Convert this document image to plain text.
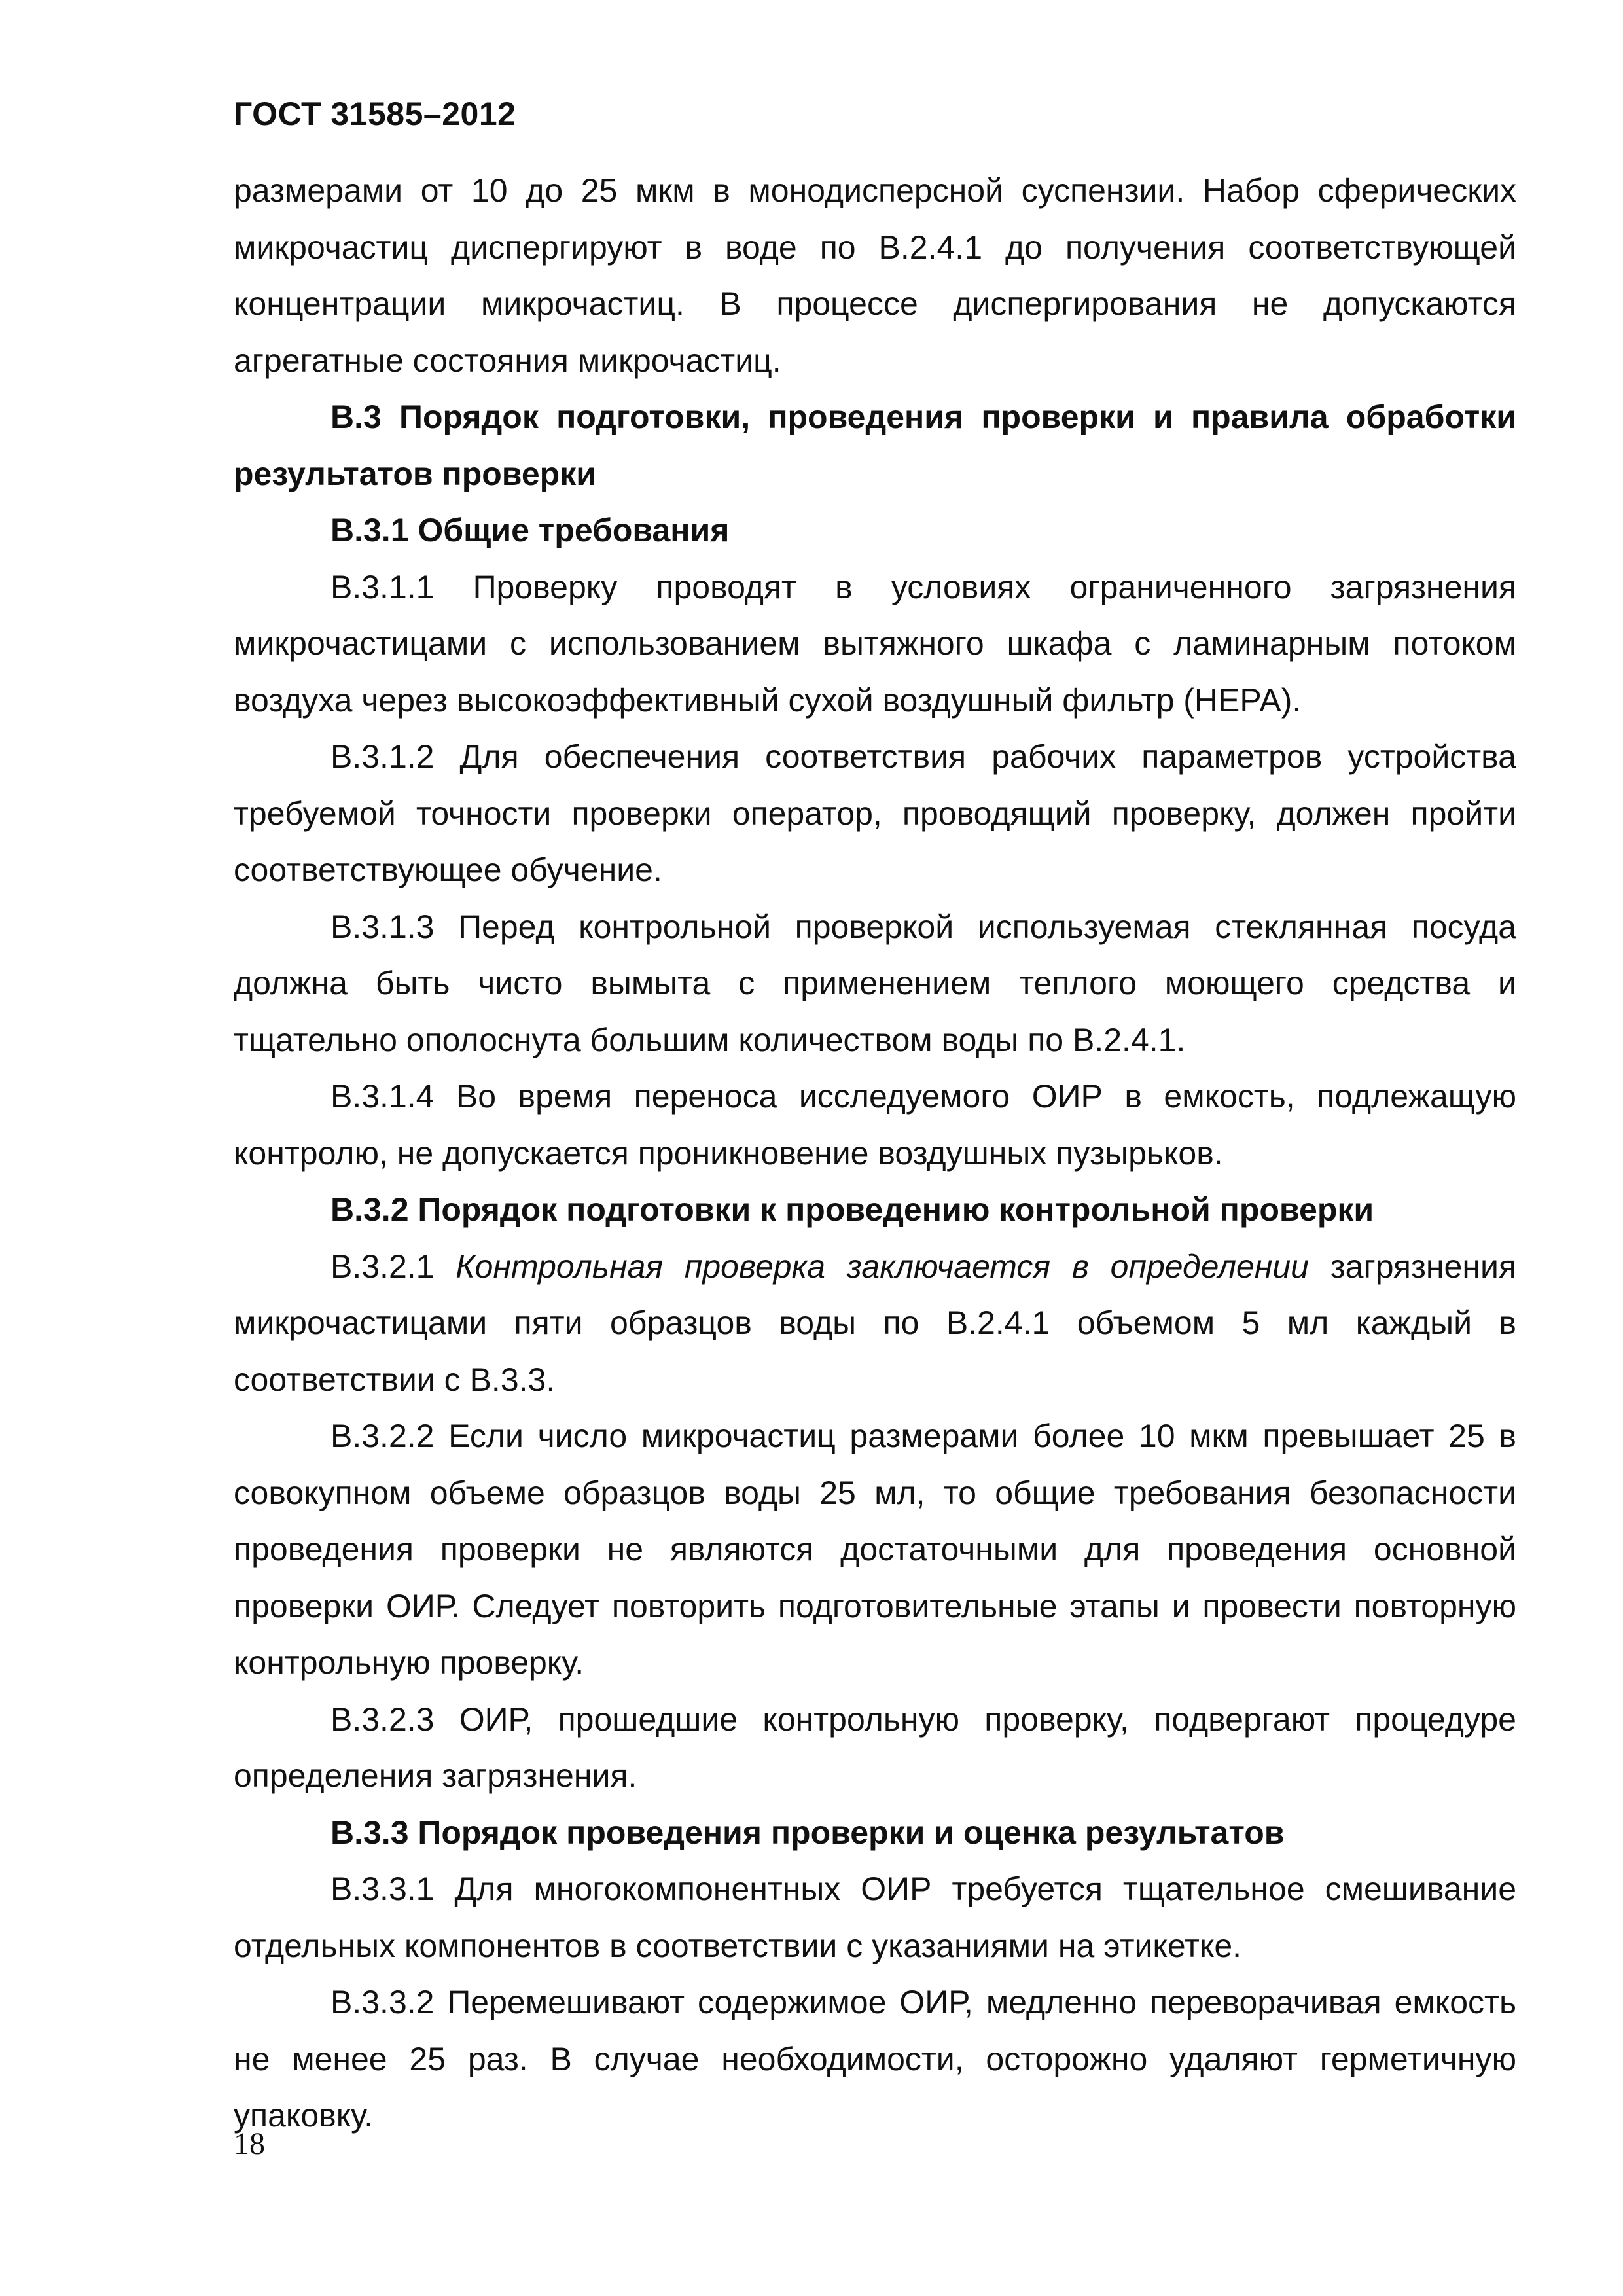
ГОСТ 31585–2012

размерами от 10 до 25 мкм в монодисперсной суспензии. Набор сферических микрочастиц диспергируют в воде по В.2.4.1 до получения соответствующей концентрации микрочастиц. В процессе диспергирования не допускаются агрегатные состояния микрочастиц.

В.3 Порядок подготовки, проведения проверки и правила обработки результатов проверки

В.3.1 Общие требования

В.3.1.1 Проверку проводят в условиях ограниченного загрязнения микрочастицами с использованием вытяжного шкафа с ламинарным потоком воздуха через высокоэффективный сухой воздушный фильтр (НЕРА).

В.3.1.2 Для обеспечения соответствия рабочих параметров устройства требуемой точности проверки оператор, проводящий проверку, должен пройти соответствующее обучение.

В.3.1.3 Перед контрольной проверкой используемая стеклянная посуда должна быть чисто вымыта с применением теплого моющего средства и тщательно ополоснута большим количеством воды по В.2.4.1.

В.3.1.4 Во время переноса исследуемого ОИР в емкость, подлежащую контролю, не допускается проникновение воздушных пузырьков.

В.3.2 Порядок подготовки к проведению контрольной проверки

В.3.2.1 Контрольная проверка заключается в определении загрязнения микрочастицами пяти образцов воды по В.2.4.1 объемом 5 мл каждый в соответствии с В.3.3.

В.3.2.2 Если число микрочастиц размерами более 10 мкм превышает 25 в совокупном объеме образцов воды 25 мл, то общие требования безопасности проведения проверки не являются достаточными для проведения основной проверки ОИР. Следует повторить подготовительные этапы и провести повторную контрольную проверку.

В.3.2.3 ОИР, прошедшие контрольную проверку, подвергают процедуре определения загрязнения.

В.3.3 Порядок проведения проверки и оценка результатов

В.3.3.1 Для многокомпонентных ОИР требуется тщательное смешивание отдельных компонентов в соответствии с указаниями на этикетке.

В.3.3.2 Перемешивают содержимое ОИР, медленно переворачивая емкость не менее 25 раз. В случае необходимости, осторожно удаляют герметичную упаковку.

18
